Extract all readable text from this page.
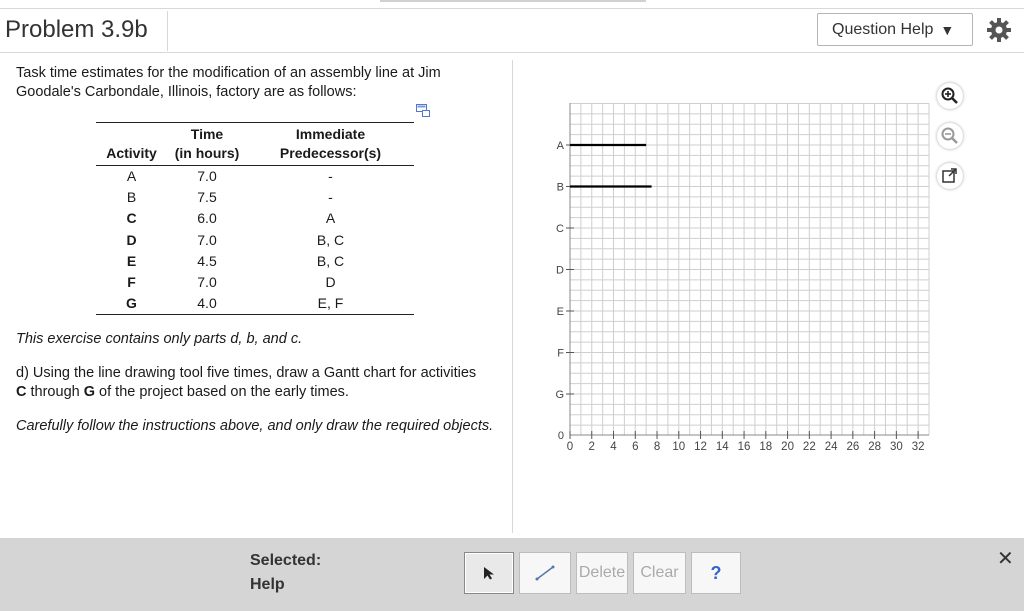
Problem 3.9b	Question Help ▼

Task time estimates for the modification of an assembly line at Jim Goodale's Carbondale, Illinois, factory are as follows:

	Time	Immediate
Activity	(in hours)	Predecessor(s)
A	7.0	-
B	7.5	-
C	6.0	A
D	7.0	B, C
E	4.5	B, C
F	7.0	D
G	4.0	E, F

This exercise contains only parts d, b, and c.

d) Using the line drawing tool five times, draw a Gantt chart for activities
C through G of the project based on the early times.

Carefully follow the instructions above, and only draw the required objects.

A
B
C
D
E
F
G
0
0 2 4 6 8 10 12 14 16 18 20 22 24 26 28 30 32
Selected:
Help
Delete Clear	?
✕
